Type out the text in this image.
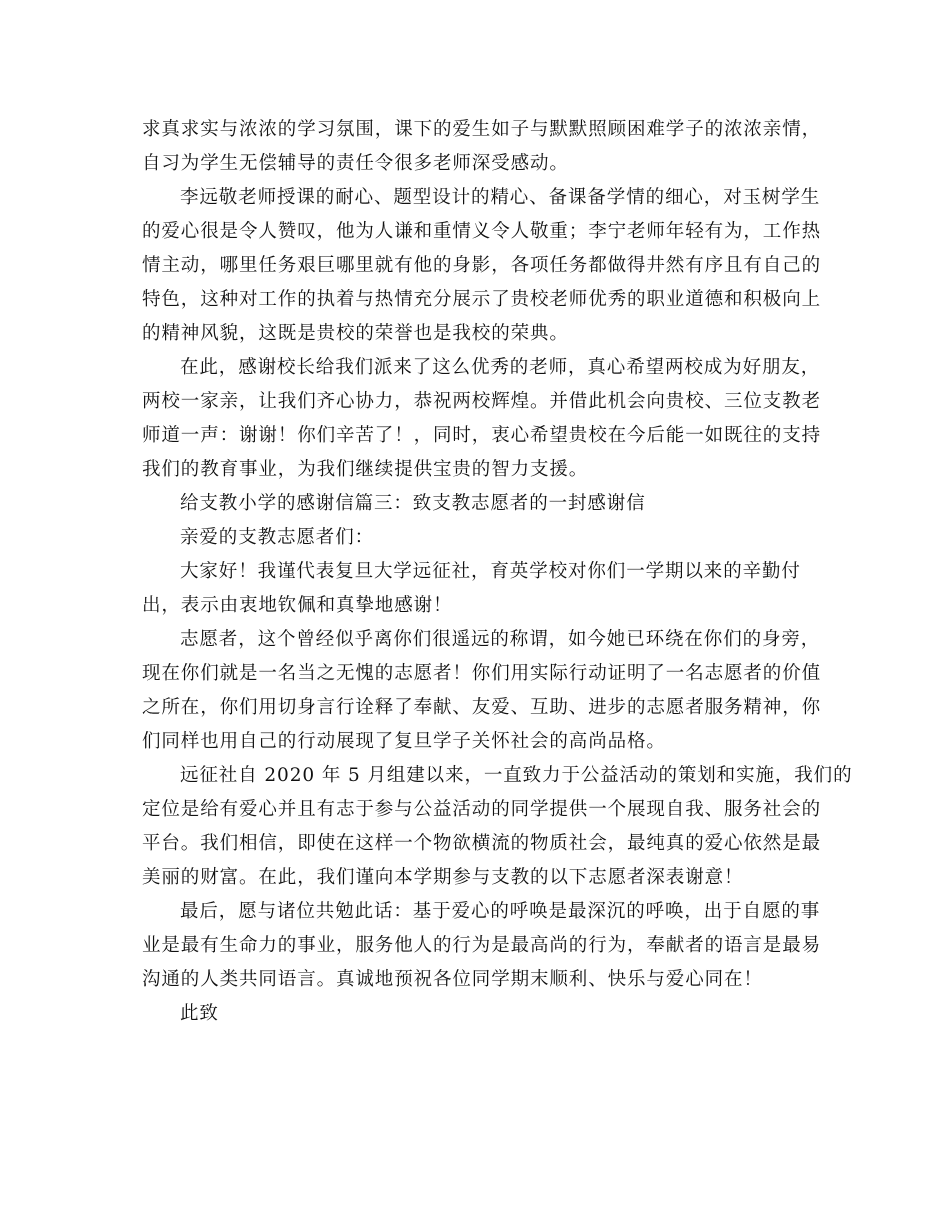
求真求实与浓浓的学习氛围，课下的爱生如子与默默照顾困难学子的浓浓亲情，
自习为学生无偿辅导的责任令很多老师深受感动。
李远敬老师授课的耐心、题型设计的精心、备课备学情的细心，对玉树学生
的爱心很是令人赞叹，他为人谦和重情义令人敬重；李宁老师年轻有为，工作热
情主动，哪里任务艰巨哪里就有他的身影，各项任务都做得井然有序且有自己的
特色，这种对工作的执着与热情充分展示了贵校老师优秀的职业道德和积极向上
的精神风貌，这既是贵校的荣誉也是我校的荣典。
在此，感谢校长给我们派来了这么优秀的老师，真心希望两校成为好朋友，
两校一家亲，让我们齐心协力，恭祝两校辉煌。并借此机会向贵校、三位支教老
师道一声：谢谢！你们辛苦了！，同时，衷心希望贵校在今后能一如既往的支持
我们的教育事业，为我们继续提供宝贵的智力支援。
给支教小学的感谢信篇三：致支教志愿者的一封感谢信
亲爱的支教志愿者们：
大家好！我谨代表复旦大学远征社，育英学校对你们一学期以来的辛勤付
出，表示由衷地钦佩和真挚地感谢！
志愿者，这个曾经似乎离你们很遥远的称谓，如今她已环绕在你们的身旁，
现在你们就是一名当之无愧的志愿者！你们用实际行动证明了一名志愿者的价值
之所在，你们用切身言行诠释了奉献、友爱、互助、进步的志愿者服务精神，你
们同样也用自己的行动展现了复旦学子关怀社会的高尚品格。
远征社自 2020 年 5 月组建以来，一直致力于公益活动的策划和实施，我们的
定位是给有爱心并且有志于参与公益活动的同学提供一个展现自我、服务社会的
平台。我们相信，即使在这样一个物欲横流的物质社会，最纯真的爱心依然是最
美丽的财富。在此，我们谨向本学期参与支教的以下志愿者深表谢意！
最后，愿与诸位共勉此话：基于爱心的呼唤是最深沉的呼唤，出于自愿的事
业是最有生命力的事业，服务他人的行为是最高尚的行为，奉献者的语言是最易
沟通的人类共同语言。真诚地预祝各位同学期末顺利、快乐与爱心同在！
此致
